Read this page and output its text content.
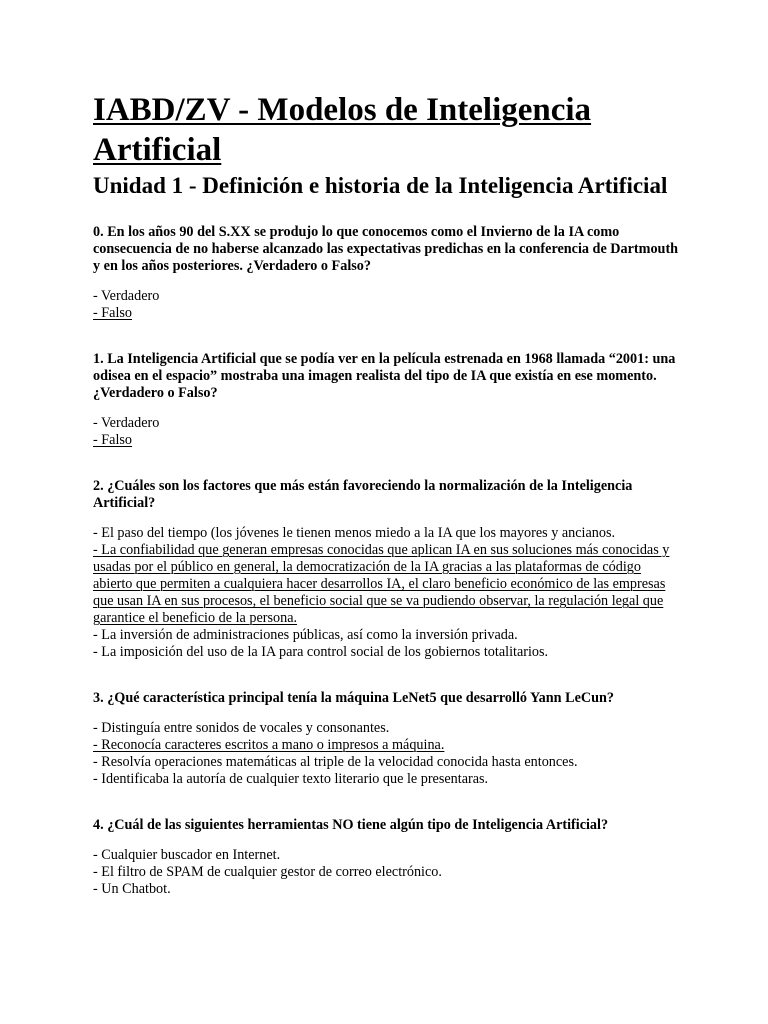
IABD/ZV - Modelos de Inteligencia Artificial
Unidad 1 - Definición e historia de la Inteligencia Artificial

0. En los años 90 del S.XX se produjo lo que conocemos como el Invierno de la IA como consecuencia de no haberse alcanzado las expectativas predichas en la conferencia de Dartmouth y en los años posteriores. ¿Verdadero o Falso?

- Verdadero
- Falso

1. La Inteligencia Artificial que se podía ver en la película estrenada en 1968 llamada “2001: una odisea en el espacio” mostraba una imagen realista del tipo de IA que existía en ese momento. ¿Verdadero o Falso?

- Verdadero
- Falso

2. ¿Cuáles son los factores que más están favoreciendo la normalización de la Inteligencia Artificial?

- El paso del tiempo (los jóvenes le tienen menos miedo a la IA que los mayores y ancianos.
- La confiabilidad que generan empresas conocidas que aplican IA en sus soluciones más conocidas y usadas por el público en general, la democratización de la IA gracias a las plataformas de código abierto que permiten a cualquiera hacer desarrollos IA, el claro beneficio económico de las empresas que usan IA en sus procesos, el beneficio social que se va pudiendo observar, la regulación legal que garantice el beneficio de la persona.
- La inversión de administraciones públicas, así como la inversión privada.
- La imposición del uso de la IA para control social de los gobiernos totalitarios.

3. ¿Qué característica principal tenía la máquina LeNet5 que desarrolló Yann LeCun?

- Distinguía entre sonidos de vocales y consonantes.
- Reconocía caracteres escritos a mano o impresos a máquina.
- Resolvía operaciones matemáticas al triple de la velocidad conocida hasta entonces.
- Identificaba la autoría de cualquier texto literario que le presentaras.

4. ¿Cuál de las siguientes herramientas NO tiene algún tipo de Inteligencia Artificial?

- Cualquier buscador en Internet.
- El filtro de SPAM de cualquier gestor de correo electrónico.
- Un Chatbot.
